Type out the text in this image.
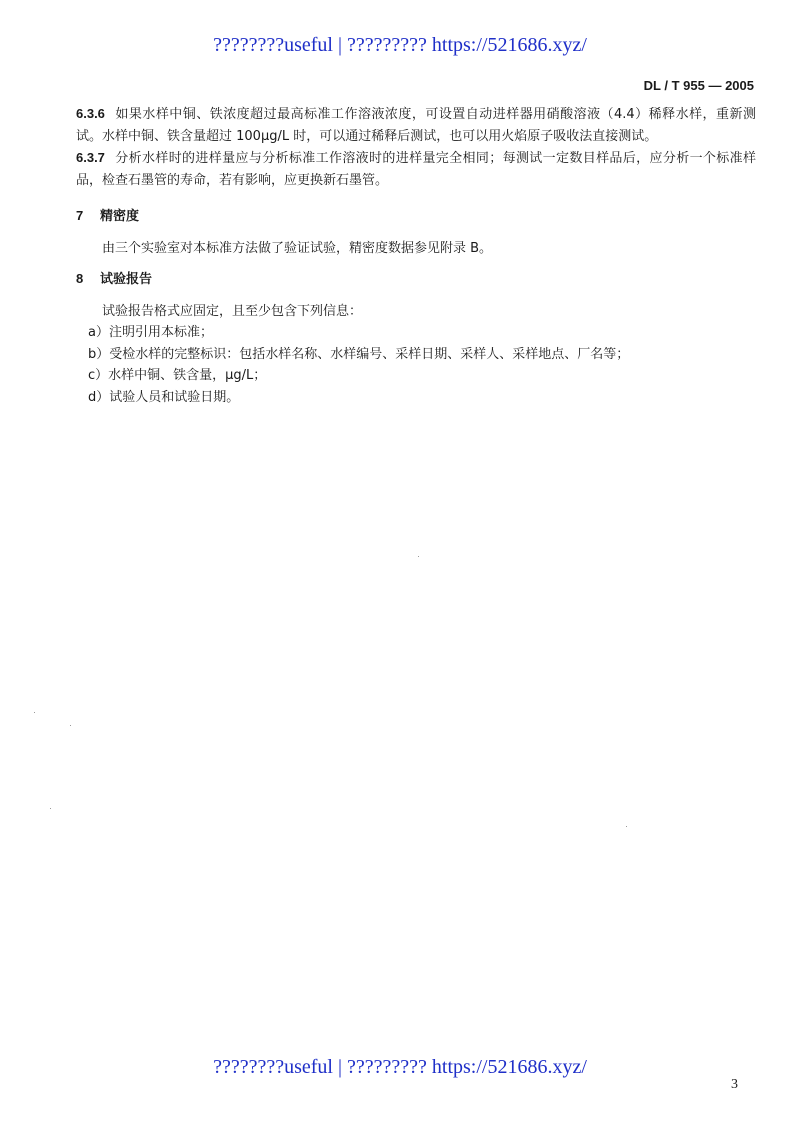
????????useful | ????????? https://521686.xyz/
DL / T 955 — 2005

6.3.6 如果水样中铜、铁浓度超过最高标准工作溶液浓度，可设置自动进样器用硝酸溶液（4.4）稀释水样，重新测试。水样中铜、铁含量超过 100μg/L 时，可以通过稀释后测试，也可以用火焰原子吸收法直接测试。

6.3.7 分析水样时的进样量应与分析标准工作溶液时的进样量完全相同；每测试一定数目样品后，应分析一个标准样品，检查石墨管的寿命，若有影响，应更换新石墨管。

7 精密度

由三个实验室对本标准方法做了验证试验，精密度数据参见附录 B。

8 试验报告

试验报告格式应固定，且至少包含下列信息：

a）注明引用本标准；

b）受检水样的完整标识：包括水样名称、水样编号、采样日期、采样人、采样地点、厂名等；

c）水样中铜、铁含量，μg/L；

d）试验人员和试验日期。

????????useful | ????????? https://521686.xyz/
3
